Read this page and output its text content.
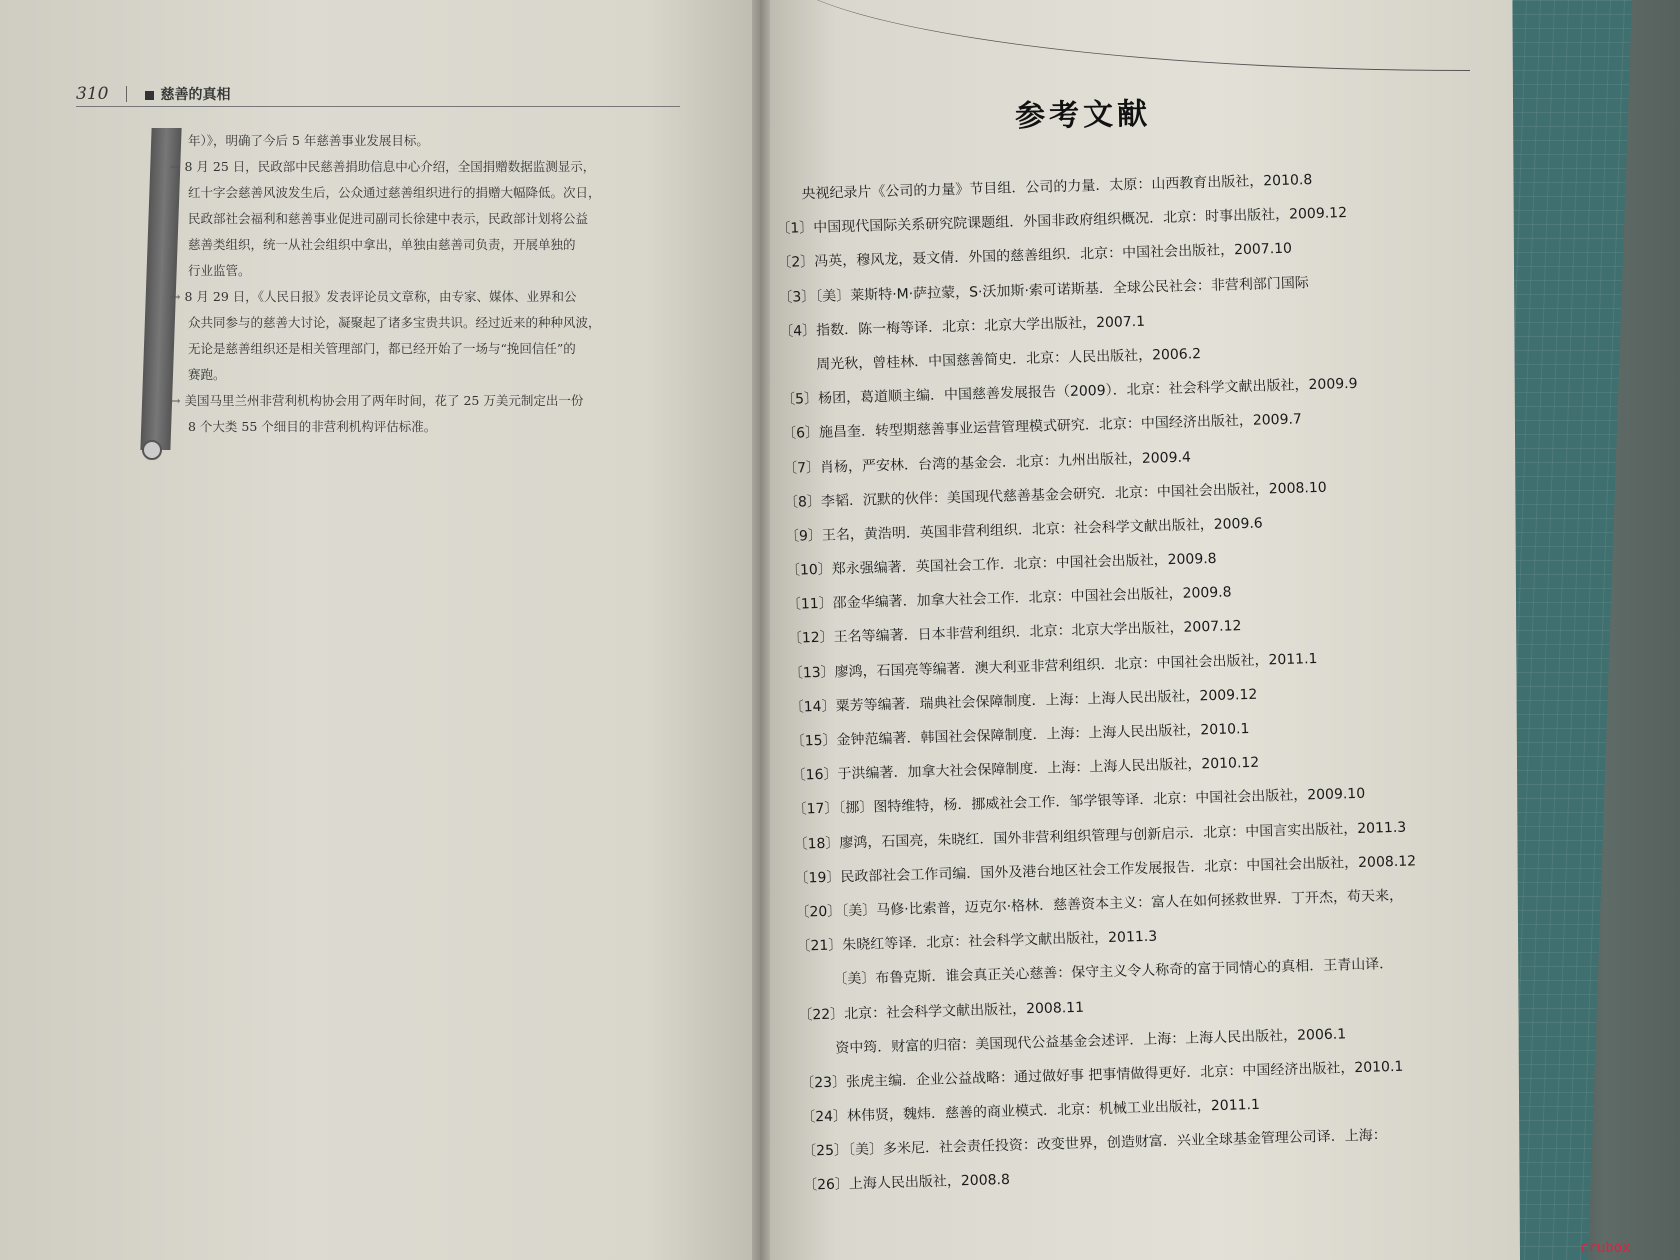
310	慈善的真相
年）》，明确了今后 5 年慈善事业发展目标。
→ 8 月 25 日，民政部中民慈善捐助信息中心介绍，全国捐赠数据监测显示，
红十字会慈善风波发生后，公众通过慈善组织进行的捐赠大幅降低。次日，
民政部社会福利和慈善事业促进司副司长徐建中表示，民政部计划将公益
慈善类组织，统一从社会组织中拿出，单独由慈善司负责，开展单独的
行业监管。
→ 8 月 29 日，《人民日报》发表评论员文章称，由专家、媒体、业界和公
众共同参与的慈善大讨论，凝聚起了诸多宝贵共识。经过近来的种种风波，
无论是慈善组织还是相关管理部门，都已经开始了一场与“挽回信任”的
赛跑。
→ 美国马里兰州非营利机构协会用了两年时间，花了 25 万美元制定出一份
8 个大类 55 个细目的非营利机构评估标准。
参考文献
央视纪录片《公司的力量》节目组．公司的力量．太原：山西教育出版社，2010.8
〔1〕中国现代国际关系研究院课题组．外国非政府组织概况．北京：时事出版社，2009.12
〔2〕冯英，穆风龙，聂文倩．外国的慈善组织．北京：中国社会出版社，2007.10
〔3〕〔美〕莱斯特·M·萨拉蒙，S·沃加斯·索可诺斯基．全球公民社会：非营利部门国际
〔4〕指数．陈一梅等译．北京：北京大学出版社，2007.1
周光秋，曾桂林．中国慈善简史．北京：人民出版社，2006.2
〔5〕杨团，葛道顺主编．中国慈善发展报告（2009）．北京：社会科学文献出版社，2009.9
〔6〕施昌奎．转型期慈善事业运营管理模式研究．北京：中国经济出版社，2009.7
〔7〕肖杨，严安林．台湾的基金会．北京：九州出版社，2009.4
〔8〕李韬．沉默的伙伴：美国现代慈善基金会研究．北京：中国社会出版社，2008.10
〔9〕王名，黄浩明．英国非营利组织．北京：社会科学文献出版社，2009.6
〔10〕郑永强编著．英国社会工作．北京：中国社会出版社，2009.8
〔11〕邵金华编著．加拿大社会工作．北京：中国社会出版社，2009.8
〔12〕王名等编著．日本非营利组织．北京：北京大学出版社，2007.12
〔13〕廖鸿，石国亮等编著．澳大利亚非营利组织．北京：中国社会出版社，2011.1
〔14〕粟芳等编著．瑞典社会保障制度．上海：上海人民出版社，2009.12
〔15〕金钟范编著．韩国社会保障制度．上海：上海人民出版社，2010.1
〔16〕于洪编著．加拿大社会保障制度．上海：上海人民出版社，2010.12
〔17〕〔挪〕图特维特，杨．挪威社会工作．邹学银等译．北京：中国社会出版社，2009.10
〔18〕廖鸿，石国亮，朱晓红．国外非营利组织管理与创新启示．北京：中国言实出版社，2011.3
〔19〕民政部社会工作司编．国外及港台地区社会工作发展报告．北京：中国社会出版社，2008.12
〔20〕〔美〕马修·比索普，迈克尔·格林．慈善资本主义：富人在如何拯救世界．丁开杰，苟天来，
〔21〕朱晓红等译．北京：社会科学文献出版社，2011.3
〔美〕布鲁克斯．谁会真正关心慈善：保守主义令人称奇的富于同情心的真相．王青山译．
〔22〕北京：社会科学文献出版社，2008.11
资中筠．财富的归宿：美国现代公益基金会述评．上海：上海人民出版社，2006.1
〔23〕张虎主编．企业公益战略：通过做好事 把事情做得更好．北京：中国经济出版社，2010.1
〔24〕林伟贤，魏炜．慈善的商业模式．北京：机械工业出版社，2011.1
〔25〕〔美〕多米尼．社会责任投资：改变世界，创造财富．兴业全球基金管理公司译．上海：
〔26〕上海人民出版社，2008.8
crubox
